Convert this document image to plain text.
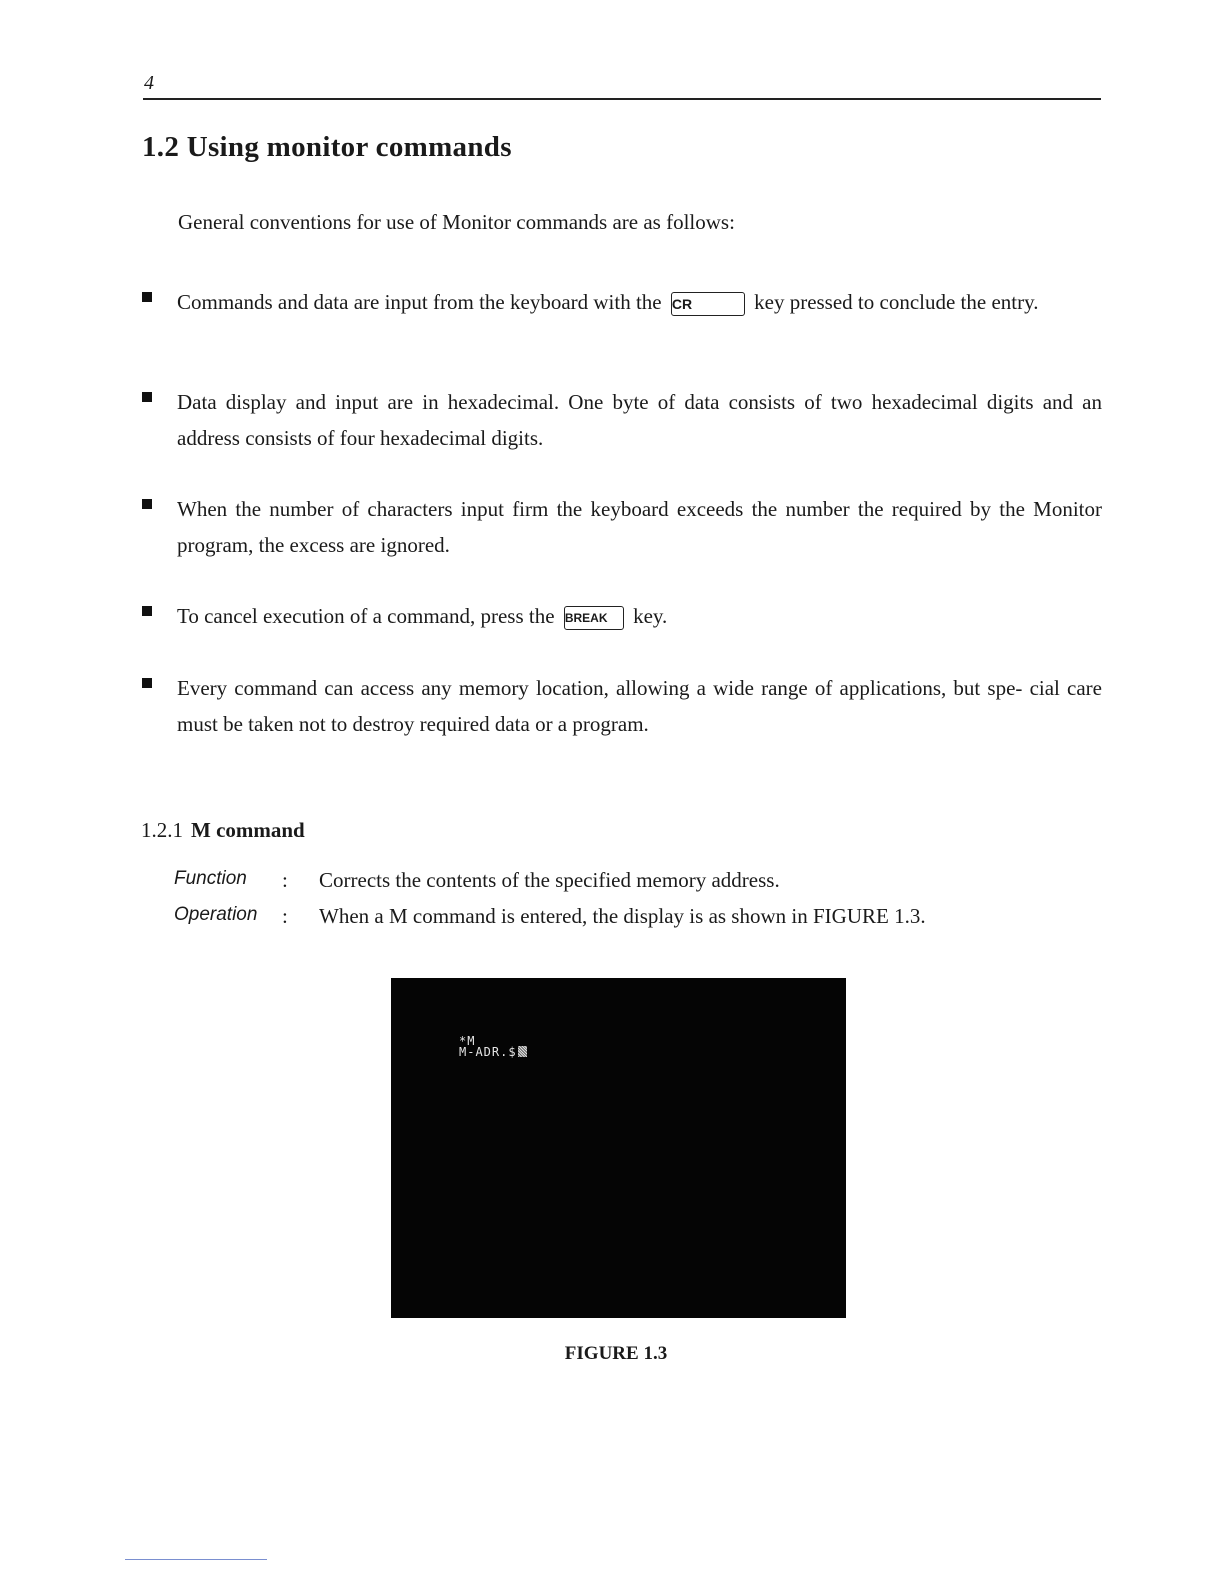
4
1.2 Using monitor commands

General conventions for use of Monitor commands are as follows:

Commands and data are input from the keyboard with the CR	key pressed to conclude the entry.
Data display and input are in hexadecimal. One byte of data consists of two hexadecimal digits and an address consists of four hexadecimal digits.
When the number of characters input firm the keyboard exceeds the number the required by the Monitor program, the excess are ignored.
To cancel execution of a command, press the BREAK key.
Every command can access any memory location, allowing a wide range of applications, but spe- cial care must be taken not to destroy required data or a program.
1.2.1 M command
Function	: Corrects the contents of the specified memory address.
Operation	: When a M command is entered, the display is as shown in FIGURE 1.3.
*M
M-ADR.$
FIGURE 1.3
